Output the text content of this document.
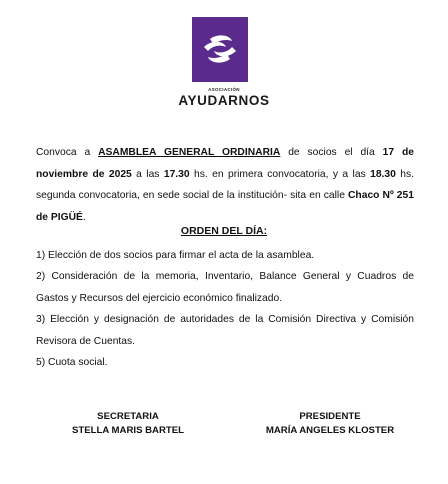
ASOCIACIÓN
AYUDARNOS
Convoca a ASAMBLEA GENERAL ORDINARIA de socios el día 17 de noviembre de 2025 a las 17.30 hs. en primera convocatoria, y a las 18.30 hs. segunda convocatoria, en sede social de la institución- sita en calle Chaco Nº 251 de PIGÜÉ.
ORDEN DEL DÍA:
1) Elección de dos socios para firmar el acta de la asamblea.
2) Consideración de la memoria, Inventario, Balance General y Cuadros de Gastos y Recursos del ejercicio económico finalizado.
3) Elección y designación de autoridades de la Comisión Directiva y Comisión Revisora de Cuentas.
5) Cuota social.
SECRETARIA
STELLA MARIS BARTEL
PRESIDENTE
MARÍA ANGELES KLOSTER
